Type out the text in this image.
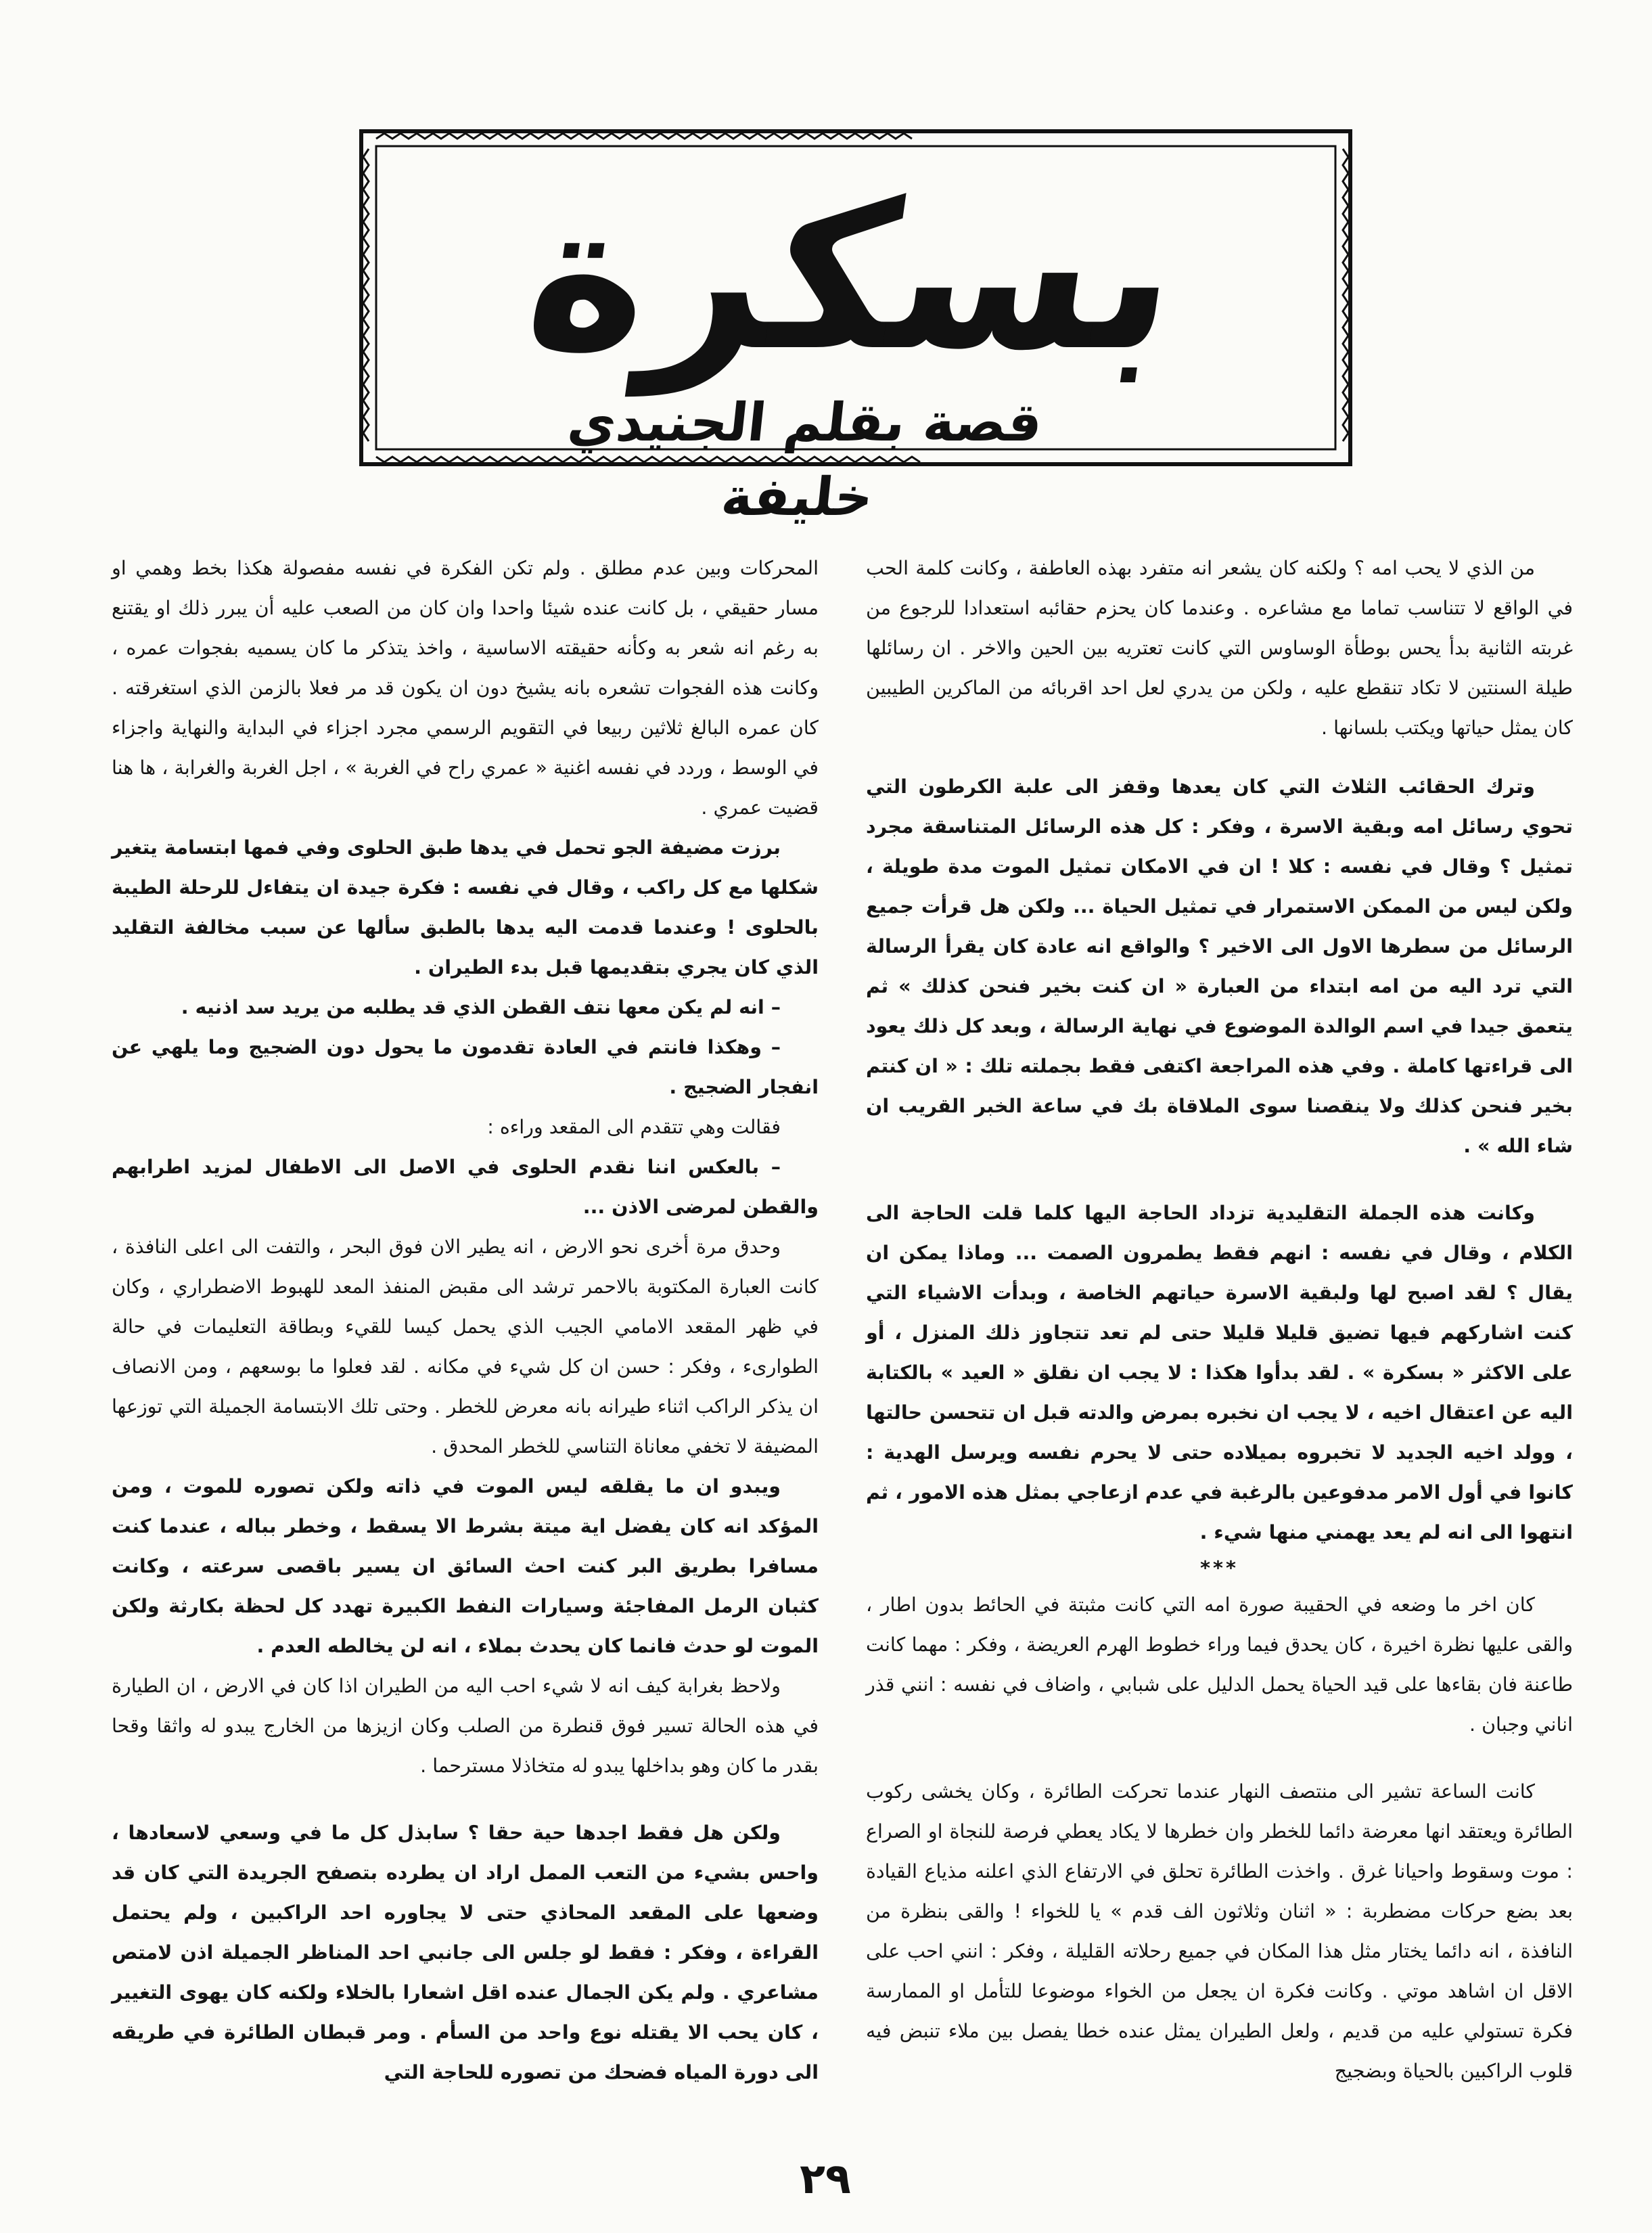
بسكرة
قصة بقلم الجنيدي خليفة

من الذي لا يحب امه ؟ ولكنه كان يشعر انه متفرد بهذه العاطفة ، وكانت كلمة الحب في الواقع لا تتناسب تماما مع مشاعره . وعندما كان يحزم حقائبه استعدادا للرجوع من غربته الثانية بدأ يحس بوطأة الوساوس التي كانت تعتريه بين الحين والاخر . ان رسائلها طيلة السنتين لا تكاد تنقطع عليه ، ولكن من يدري لعل احد اقربائه من الماكرين الطيبين كان يمثل حياتها ويكتب بلسانها .

وترك الحقائب الثلاث التي كان يعدها وقفز الى علبة الكرطون التي تحوي رسائل امه وبقية الاسرة ، وفكر : كل هذه الرسائل المتناسقة مجرد تمثيل ؟ وقال في نفسه : كلا ! ان في الامكان تمثيل الموت مدة طويلة ، ولكن ليس من الممكن الاستمرار في تمثيل الحياة ... ولكن هل قرأت جميع الرسائل من سطرها الاول الى الاخير ؟ والواقع انه عادة كان يقرأ الرسالة التي ترد اليه من امه ابتداء من العبارة « ان كنت بخير فنحن كذلك » ثم يتعمق جيدا في اسم الوالدة الموضوع في نهاية الرسالة ، وبعد كل ذلك يعود الى قراءتها كاملة . وفي هذه المراجعة اكتفى فقط بجملته تلك : « ان كنتم بخير فنحن كذلك ولا ينقصنا سوى الملاقاة بك في ساعة الخبر القريب ان شاء الله » .

وكانت هذه الجملة التقليدية تزداد الحاجة اليها كلما قلت الحاجة الى الكلام ، وقال في نفسه : انهم فقط يطمرون الصمت ... وماذا يمكن ان يقال ؟ لقد اصبح لها ولبقية الاسرة حياتهم الخاصة ، وبدأت الاشياء التي كنت اشاركهم فيها تضيق قليلا قليلا حتى لم تعد تتجاوز ذلك المنزل ، أو على الاكثر « بسكرة » . لقد بدأوا هكذا : لا يجب ان نقلق « العيد » بالكتابة اليه عن اعتقال اخيه ، لا يجب ان نخبره بمرض والدته قبل ان تتحسن حالتها ، وولد اخيه الجديد لا تخبروه بميلاده حتى لا يحرم نفسه ويرسل الهدية : كانوا في أول الامر مدفوعين بالرغبة في عدم ازعاجي بمثل هذه الامور ، ثم انتهوا الى انه لم يعد يهمني منها شيء .

***

كان اخر ما وضعه في الحقيبة صورة امه التي كانت مثبتة في الحائط بدون اطار ، والقى عليها نظرة اخيرة ، كان يحدق فيما وراء خطوط الهرم العريضة ، وفكر : مهما كانت طاعنة فان بقاءها على قيد الحياة يحمل الدليل على شبابي ، واضاف في نفسه : انني قذر اناني وجبان .

كانت الساعة تشير الى منتصف النهار عندما تحركت الطائرة ، وكان يخشى ركوب الطائرة ويعتقد انها معرضة دائما للخطر وان خطرها لا يكاد يعطي فرصة للنجاة او الصراع : موت وسقوط واحيانا غرق . واخذت الطائرة تحلق في الارتفاع الذي اعلنه مذياع القيادة بعد بضع حركات مضطربة : « اثنان وثلاثون الف قدم » يا للخواء ! والقى بنظرة من النافذة ، انه دائما يختار مثل هذا المكان في جميع رحلاته القليلة ، وفكر : انني احب على الاقل ان اشاهد موتي . وكانت فكرة ان يجعل من الخواء موضوعا للتأمل او الممارسة فكرة تستولي عليه من قديم ، ولعل الطيران يمثل عنده خطا يفصل بين ملاء تنبض فيه قلوب الراكبين بالحياة وبضجيج

المحركات وبين عدم مطلق . ولم تكن الفكرة في نفسه مفصولة هكذا بخط وهمي او مسار حقيقي ، بل كانت عنده شيئا واحدا وان كان من الصعب عليه أن يبرر ذلك او يقتنع به رغم انه شعر به وكأنه حقيقته الاساسية ، واخذ يتذكر ما كان يسميه بفجوات عمره ، وكانت هذه الفجوات تشعره بانه يشيخ دون ان يكون قد مر فعلا بالزمن الذي استغرقته . كان عمره البالغ ثلاثين ربيعا في التقويم الرسمي مجرد اجزاء في البداية والنهاية واجزاء في الوسط ، وردد في نفسه اغنية « عمري راح في الغربة » ، اجل الغربة والغرابة ، ها هنا قضيت عمري .

برزت مضيفة الجو تحمل في يدها طبق الحلوى وفي فمها ابتسامة يتغير شكلها مع كل راكب ، وقال في نفسه : فكرة جيدة ان يتفاءل للرحلة الطيبة بالحلوى ! وعندما قدمت اليه يدها بالطبق سألها عن سبب مخالفة التقليد الذي كان يجري بتقديمها قبل بدء الطيران .

– انه لم يكن معها نتف القطن الذي قد يطلبه من يريد سد اذنيه .

– وهكذا فانتم في العادة تقدمون ما يحول دون الضجيج وما يلهي عن انفجار الضجيج .

فقالت وهي تتقدم الى المقعد وراءه :

– بالعكس اننا نقدم الحلوى في الاصل الى الاطفال لمزيد اطرابهم والقطن لمرضى الاذن ...

وحدق مرة أخرى نحو الارض ، انه يطير الان فوق البحر ، والتفت الى اعلى النافذة ، كانت العبارة المكتوبة بالاحمر ترشد الى مقبض المنفذ المعد للهبوط الاضطراري ، وكان في ظهر المقعد الامامي الجيب الذي يحمل كيسا للقيء وبطاقة التعليمات في حالة الطوارىء ، وفكر : حسن ان كل شيء في مكانه . لقد فعلوا ما بوسعهم ، ومن الانصاف ان يذكر الراكب اثناء طيرانه بانه معرض للخطر . وحتى تلك الابتسامة الجميلة التي توزعها المضيفة لا تخفي معاناة التناسي للخطر المحدق .

ويبدو ان ما يقلقه ليس الموت في ذاته ولكن تصوره للموت ، ومن المؤكد انه كان يفضل اية ميتة بشرط الا يسقط ، وخطر بباله ، عندما كنت مسافرا بطريق البر كنت احث السائق ان يسير باقصى سرعته ، وكانت كثبان الرمل المفاجئة وسيارات النفط الكبيرة تهدد كل لحظة بكارثة ولكن الموت لو حدث فانما كان يحدث بملاء ، انه لن يخالطه العدم .

ولاحظ بغرابة كيف انه لا شيء احب اليه من الطيران اذا كان في الارض ، ان الطيارة في هذه الحالة تسير فوق قنطرة من الصلب وكان ازيزها من الخارج يبدو له واثقا وقحا بقدر ما كان وهو بداخلها يبدو له متخاذلا مسترحما .

ولكن هل فقط اجدها حية حقا ؟ سابذل كل ما في وسعي لاسعادها ، واحس بشيء من التعب الممل اراد ان يطرده بتصفح الجريدة التي كان قد وضعها على المقعد المحاذي حتى لا يجاوره احد الراكبين ، ولم يحتمل القراءة ، وفكر : فقط لو جلس الى جانبي احد المناظر الجميلة اذن لامتص مشاعري . ولم يكن الجمال عنده اقل اشعارا بالخلاء ولكنه كان يهوى التغيير ، كان يحب الا يقتله نوع واحد من السأم . ومر قبطان الطائرة في طريقه الى دورة المياه فضحك من تصوره للحاجة التي

٢٩
